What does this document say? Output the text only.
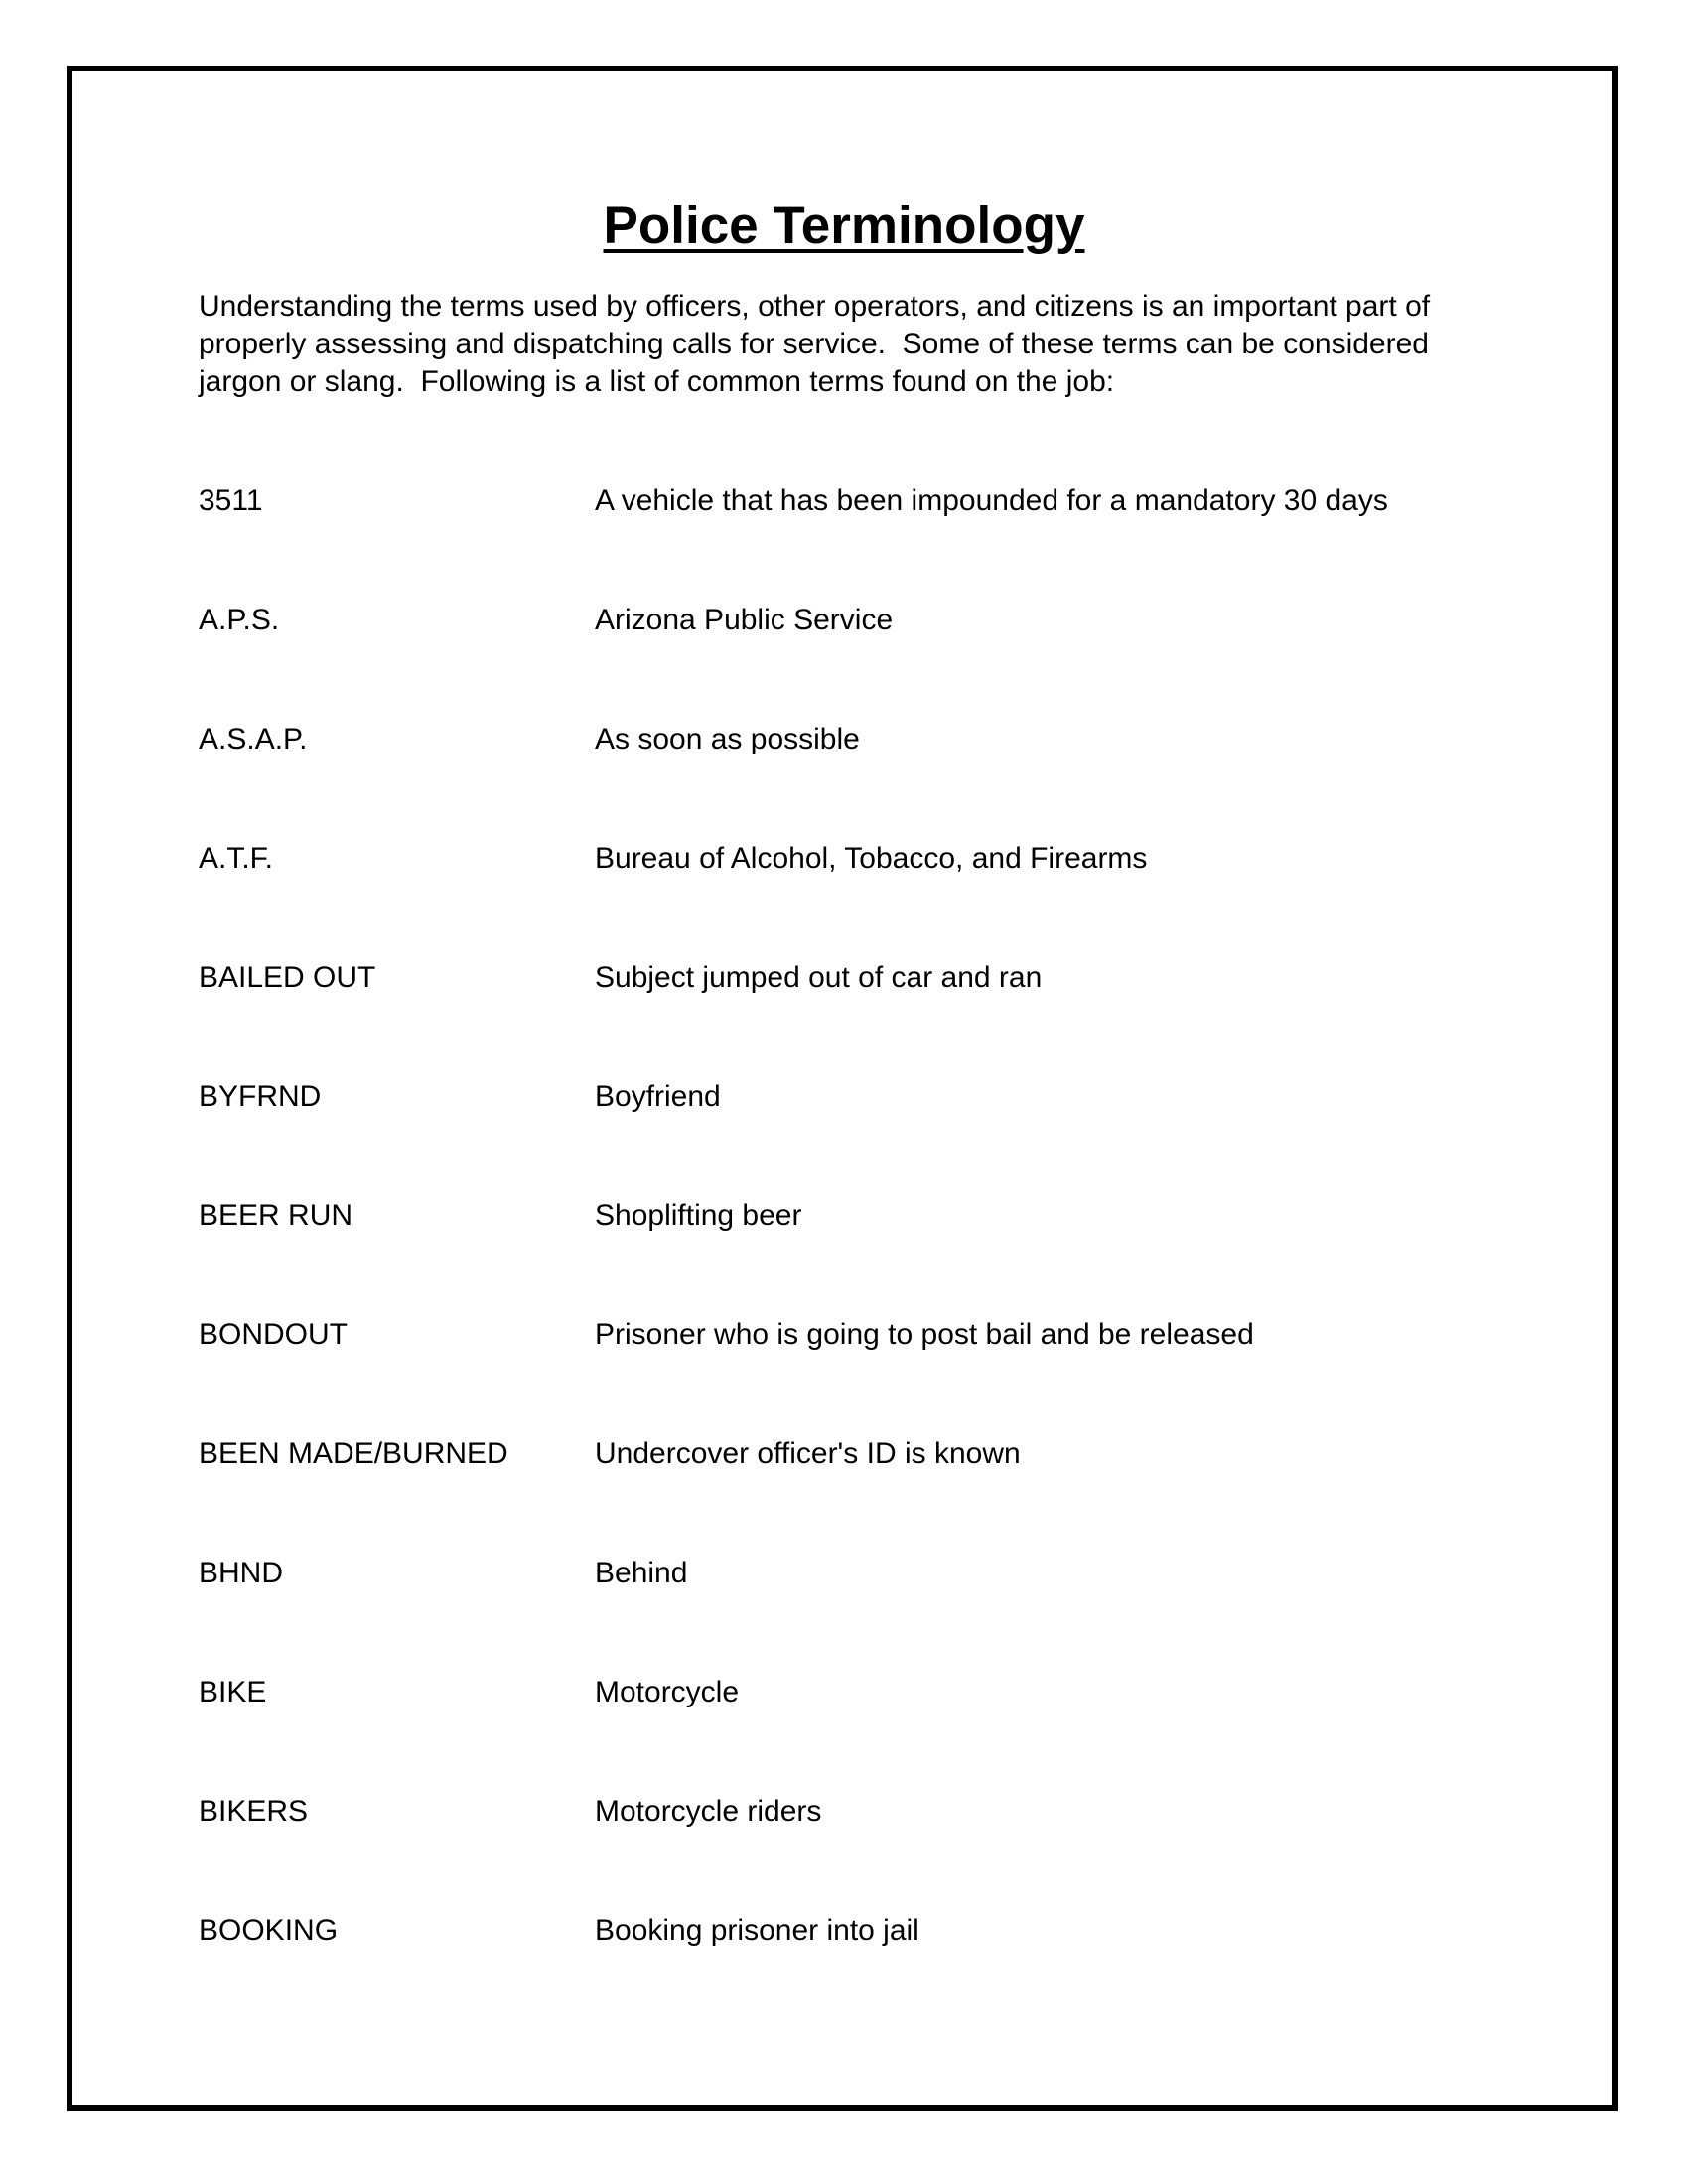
Police Terminology
Understanding the terms used by officers, other operators, and citizens is an important part of
properly assessing and dispatching calls for service.  Some of these terms can be considered
jargon or slang.  Following is a list of common terms found on the job:
3511	A vehicle that has been impounded for a mandatory 30 days
A.P.S.	Arizona Public Service
A.S.A.P.	As soon as possible
A.T.F.	Bureau of Alcohol, Tobacco, and Firearms
BAILED OUT	Subject jumped out of car and ran
BYFRND	Boyfriend
BEER RUN	Shoplifting beer
BONDOUT	Prisoner who is going to post bail and be released
BEEN MADE/BURNED	Undercover officer's ID is known
BHND	Behind
BIKE	Motorcycle
BIKERS	Motorcycle riders
BOOKING	Booking prisoner into jail
